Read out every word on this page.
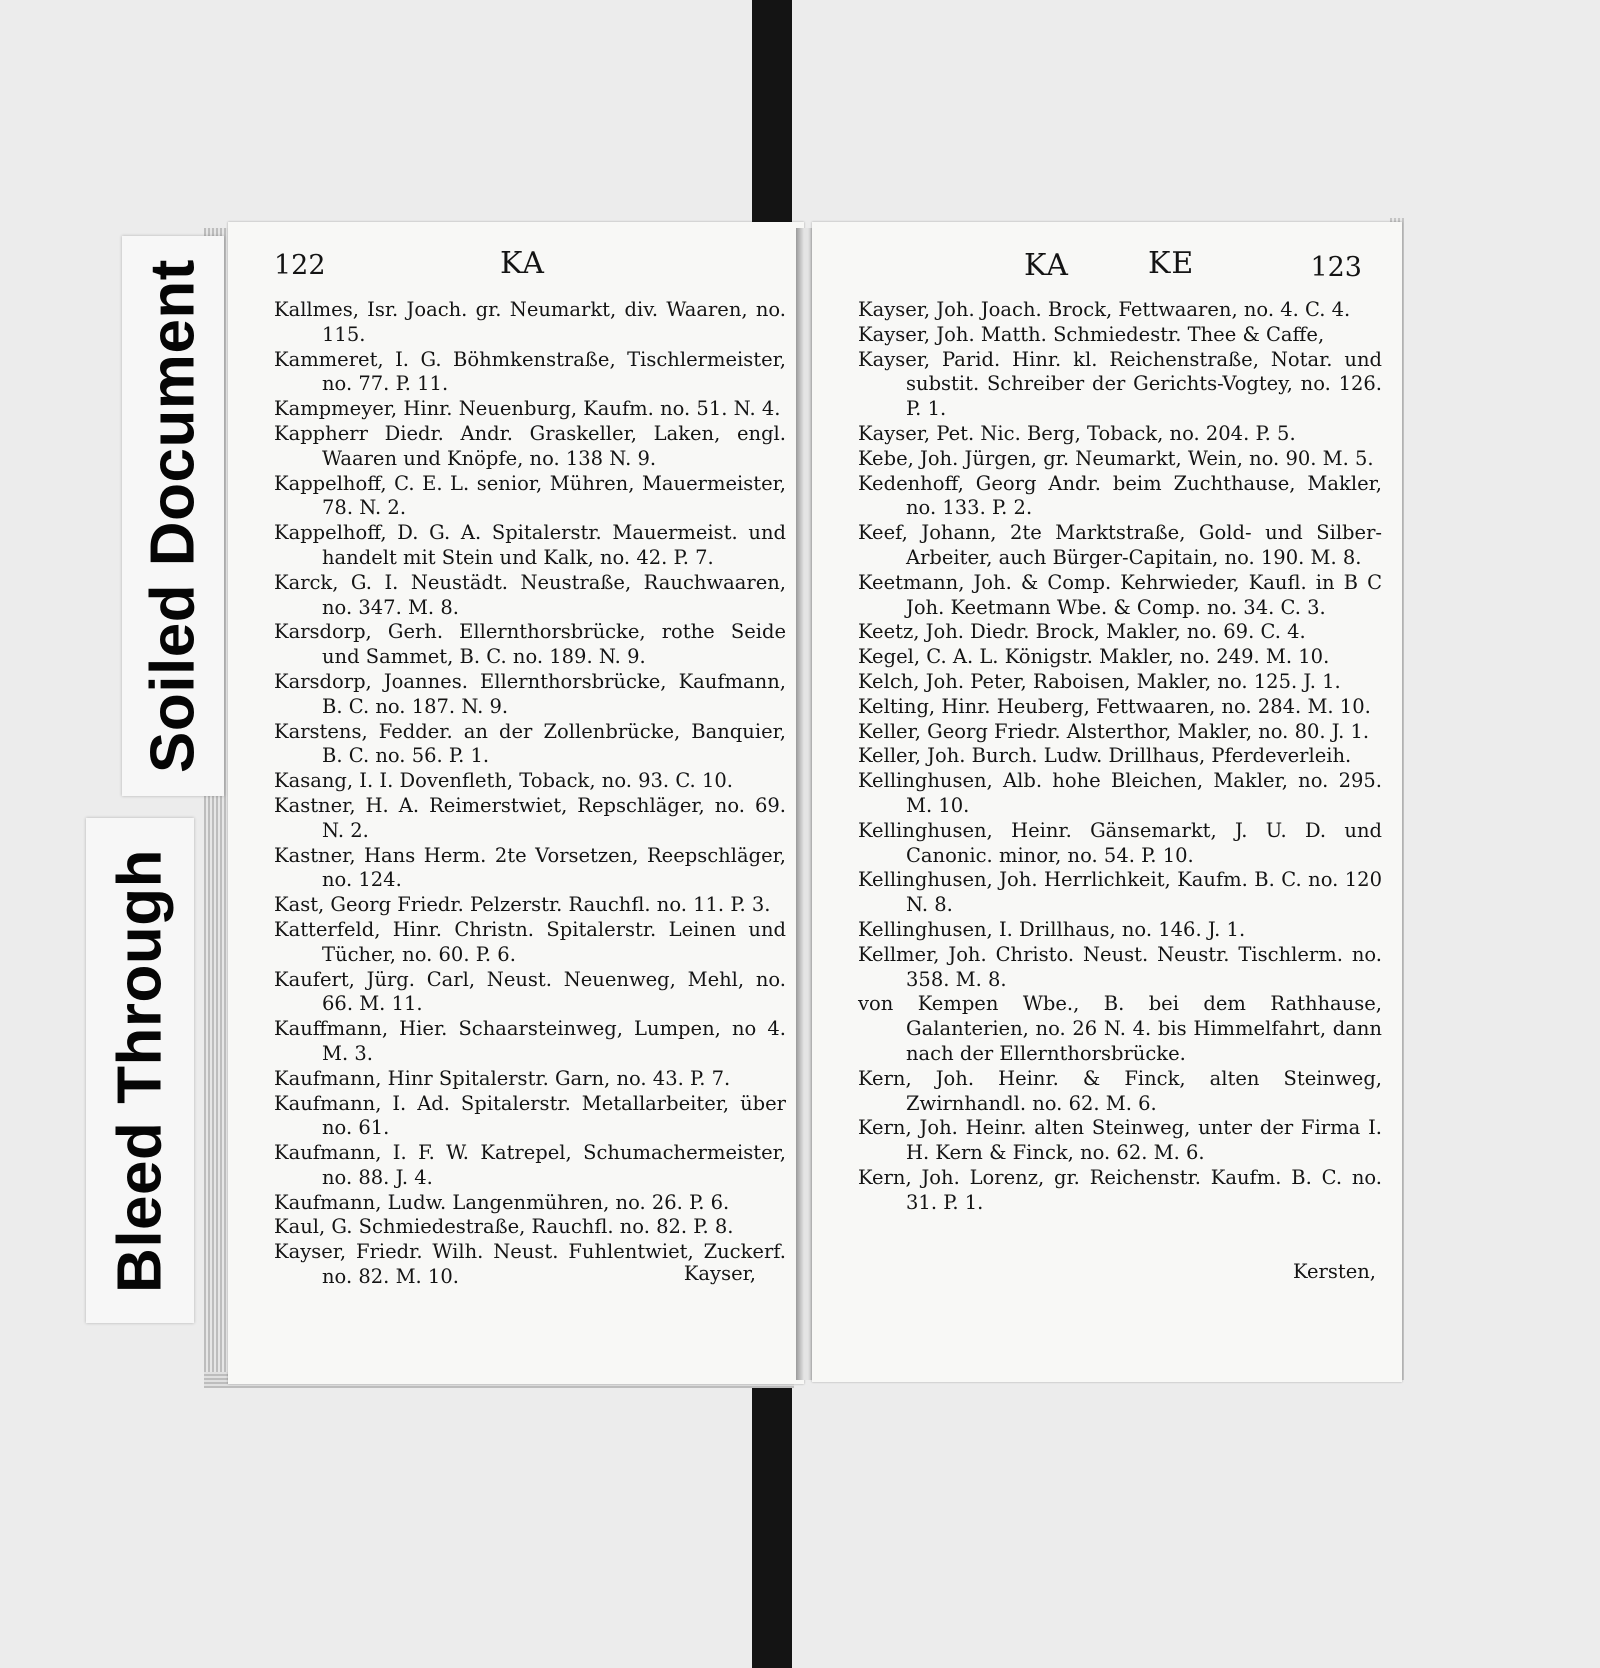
122	KA
Kallmes, Isr. Joach. gr. Neumarkt, div. Waaren, no. 115.
Kammeret, I. G. Böhmkenstraße, Tischlermeister, no. 77. P. 11.
Kampmeyer, Hinr. Neuenburg, Kaufm. no. 51. N. 4.
Kappherr Diedr. Andr. Graskeller, Laken, engl. Waaren und Knöpfe, no. 138 N. 9.
Kappelhoff, C. E. L. senior, Mühren, Mauermeister, 78. N. 2.
Kappelhoff, D. G. A. Spitalerstr. Mauermeist. und handelt mit Stein und Kalk, no. 42. P. 7.
Karck, G. I. Neustädt. Neustraße, Rauchwaaren, no. 347. M. 8.
Karsdorp, Gerh. Ellernthorsbrücke, rothe Seide und Sammet, B. C. no. 189. N. 9.
Karsdorp, Joannes. Ellernthorsbrücke, Kaufmann, B. C. no. 187. N. 9.
Karstens, Fedder. an der Zollenbrücke, Banquier, B. C. no. 56. P. 1.
Kasang, I. I. Dovenfleth, Toback, no. 93. C. 10.
Kastner, H. A. Reimerstwiet, Repschläger, no. 69. N. 2.
Kastner, Hans Herm. 2te Vorsetzen, Reepschläger, no. 124.
Kast, Georg Friedr. Pelzerstr. Rauchfl. no. 11. P. 3.
Katterfeld, Hinr. Christn. Spitalerstr. Leinen und Tücher, no. 60. P. 6.
Kaufert, Jürg. Carl, Neust. Neuenweg, Mehl, no. 66. M. 11.
Kauffmann, Hier. Schaarsteinweg, Lumpen, no 4. M. 3.
Kaufmann, Hinr Spitalerstr. Garn, no. 43. P. 7.
Kaufmann, I. Ad. Spitalerstr. Metallarbeiter, über no. 61.
Kaufmann, I. F. W. Katrepel, Schumachermeister, no. 88. J. 4.
Kaufmann, Ludw. Langenmühren, no. 26. P. 6.
Kaul, G. Schmiedestraße, Rauchfl. no. 82. P. 8.
Kayser, Friedr. Wilh. Neust. Fuhlentwiet, Zuckerf. no. 82. M. 10.	Kayser,
KA	KE	123
Kayser, Joh. Joach. Brock, Fettwaaren, no. 4. C. 4.
Kayser, Joh. Matth. Schmiedestr. Thee & Caffe,
Kayser, Parid. Hinr. kl. Reichenstraße, Notar. und substit. Schreiber der Gerichts-Vogtey, no. 126. P. 1.
Kayser, Pet. Nic. Berg, Toback, no. 204. P. 5.
Kebe, Joh. Jürgen, gr. Neumarkt, Wein, no. 90. M. 5.
Kedenhoff, Georg Andr. beim Zuchthause, Makler, no. 133. P. 2.
Keef, Johann, 2te Marktstraße, Gold- und Silber-Arbeiter, auch Bürger-Capitain, no. 190. M. 8.
Keetmann, Joh. & Comp. Kehrwieder, Kaufl. in B C Joh. Keetmann Wbe. & Comp. no. 34. C. 3.
Keetz, Joh. Diedr. Brock, Makler, no. 69. C. 4.
Kegel, C. A. L. Königstr. Makler, no. 249. M. 10.
Kelch, Joh. Peter, Raboisen, Makler, no. 125. J. 1.
Kelting, Hinr. Heuberg, Fettwaaren, no. 284. M. 10.
Keller, Georg Friedr. Alsterthor, Makler, no. 80. J. 1.
Keller, Joh. Burch. Ludw. Drillhaus, Pferdeverleih.
Kellinghusen, Alb. hohe Bleichen, Makler, no. 295. M. 10.
Kellinghusen, Heinr. Gänsemarkt, J. U. D. und Canonic. minor, no. 54. P. 10.
Kellinghusen, Joh. Herrlichkeit, Kaufm. B. C. no. 120 N. 8.
Kellinghusen, I. Drillhaus, no. 146. J. 1.
Kellmer, Joh. Christo. Neust. Neustr. Tischlerm. no. 358. M. 8.
von Kempen Wbe., B. bei dem Rathhause, Galanterien, no. 26 N. 4. bis Himmelfahrt, dann nach der Ellernthorsbrücke.
Kern, Joh. Heinr. & Finck, alten Steinweg, Zwirnhandl. no. 62. M. 6.
Kern, Joh. Heinr. alten Steinweg, unter der Firma I. H. Kern & Finck, no. 62. M. 6.
Kern, Joh. Lorenz, gr. Reichenstr. Kaufm. B. C. no. 31. P. 1.
Kersten,
Soiled Document
Bleed Through
